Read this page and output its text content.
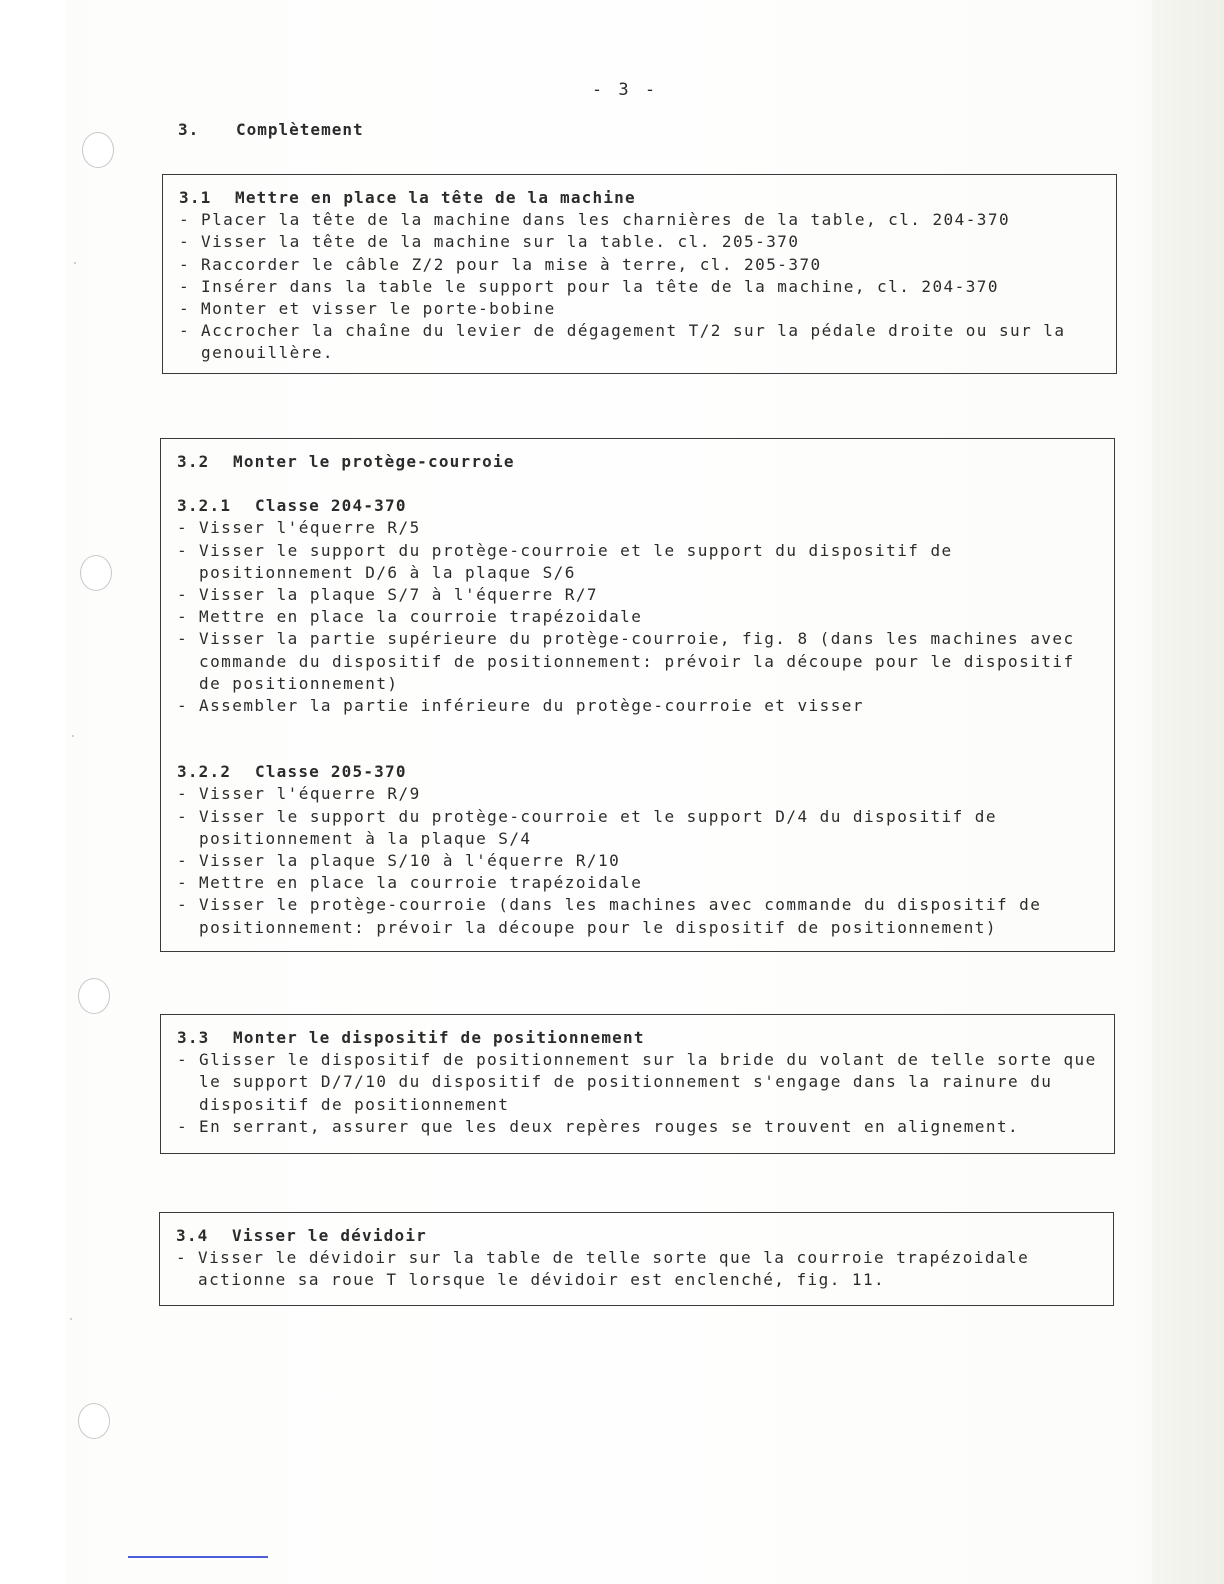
- 3 -
3. Complètement
3.1 Mettre en place la tête de la machine
- Placer la tête de la machine dans les charnières de la table, cl. 204-370
- Visser la tête de la machine sur la table. cl. 205-370
- Raccorder le câble Z/2 pour la mise à terre, cl. 205-370
- Insérer dans la table le support pour la tête de la machine, cl. 204-370
- Monter et visser le porte-bobine
- Accrocher la chaîne du levier de dégagement T/2 sur la pédale droite ou sur la genouillère.
3.2 Monter le protège-courroie
3.2.1 Classe 204-370
- Visser l'équerre R/5
- Visser le support du protège-courroie et le support du dispositif de positionnement D/6 à la plaque S/6
- Visser la plaque S/7 à l'équerre R/7
- Mettre en place la courroie trapézoidale
- Visser la partie supérieure du protège-courroie, fig. 8 (dans les machines avec commande du dispositif de positionnement: prévoir la découpe pour le dispositif de positionnement)
- Assembler la partie inférieure du protège-courroie et visser
3.2.2 Classe 205-370
- Visser l'équerre R/9
- Visser le support du protège-courroie et le support D/4 du dispositif de positionnement à la plaque S/4
- Visser la plaque S/10 à l'équerre R/10
- Mettre en place la courroie trapézoidale
- Visser le protège-courroie (dans les machines avec commande du dispositif de positionnement: prévoir la découpe pour le dispositif de positionnement)
3.3 Monter le dispositif de positionnement
- Glisser le dispositif de positionnement sur la bride du volant de telle sorte que le support D/7/10 du dispositif de positionnement s'engage dans la rainure du dispositif de positionnement
- En serrant, assurer que les deux repères rouges se trouvent en alignement.
3.4 Visser le dévidoir
- Visser le dévidoir sur la table de telle sorte que la courroie trapézoidale actionne sa roue T lorsque le dévidoir est enclenché, fig. 11.
